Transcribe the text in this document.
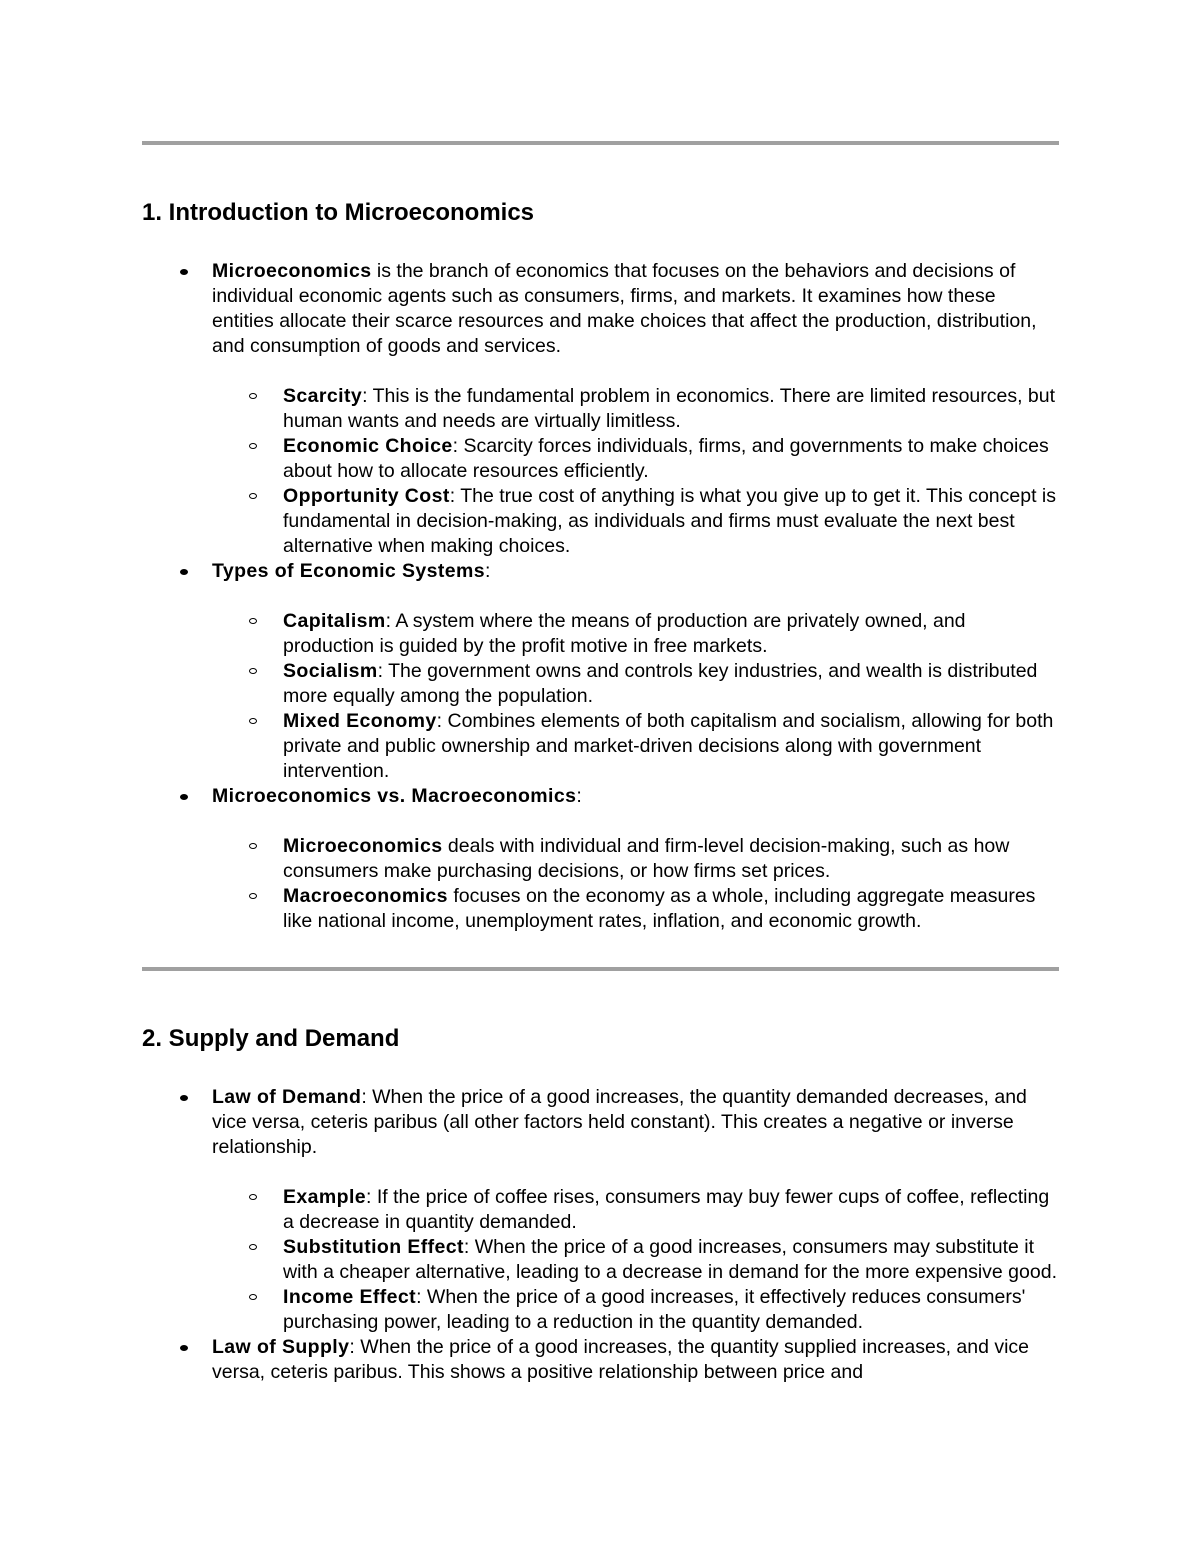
1. Introduction to Microeconomics
Microeconomics is the branch of economics that focuses on the behaviors and decisions of individual economic agents such as consumers, firms, and markets. It examines how these entities allocate their scarce resources and make choices that affect the production, distribution, and consumption of goods and services.
Scarcity: This is the fundamental problem in economics. There are limited resources, but human wants and needs are virtually limitless.
Economic Choice: Scarcity forces individuals, firms, and governments to make choices about how to allocate resources efficiently.
Opportunity Cost: The true cost of anything is what you give up to get it. This concept is fundamental in decision-making, as individuals and firms must evaluate the next best alternative when making choices.
Types of Economic Systems:
Capitalism: A system where the means of production are privately owned, and production is guided by the profit motive in free markets.
Socialism: The government owns and controls key industries, and wealth is distributed more equally among the population.
Mixed Economy: Combines elements of both capitalism and socialism, allowing for both private and public ownership and market-driven decisions along with government intervention.
Microeconomics vs. Macroeconomics:
Microeconomics deals with individual and firm-level decision-making, such as how consumers make purchasing decisions, or how firms set prices.
Macroeconomics focuses on the economy as a whole, including aggregate measures like national income, unemployment rates, inflation, and economic growth.
2. Supply and Demand
Law of Demand: When the price of a good increases, the quantity demanded decreases, and vice versa, ceteris paribus (all other factors held constant). This creates a negative or inverse relationship.
Example: If the price of coffee rises, consumers may buy fewer cups of coffee, reflecting a decrease in quantity demanded.
Substitution Effect: When the price of a good increases, consumers may substitute it with a cheaper alternative, leading to a decrease in demand for the more expensive good.
Income Effect: When the price of a good increases, it effectively reduces consumers' purchasing power, leading to a reduction in the quantity demanded.
Law of Supply: When the price of a good increases, the quantity supplied increases, and vice versa, ceteris paribus. This shows a positive relationship between price and
